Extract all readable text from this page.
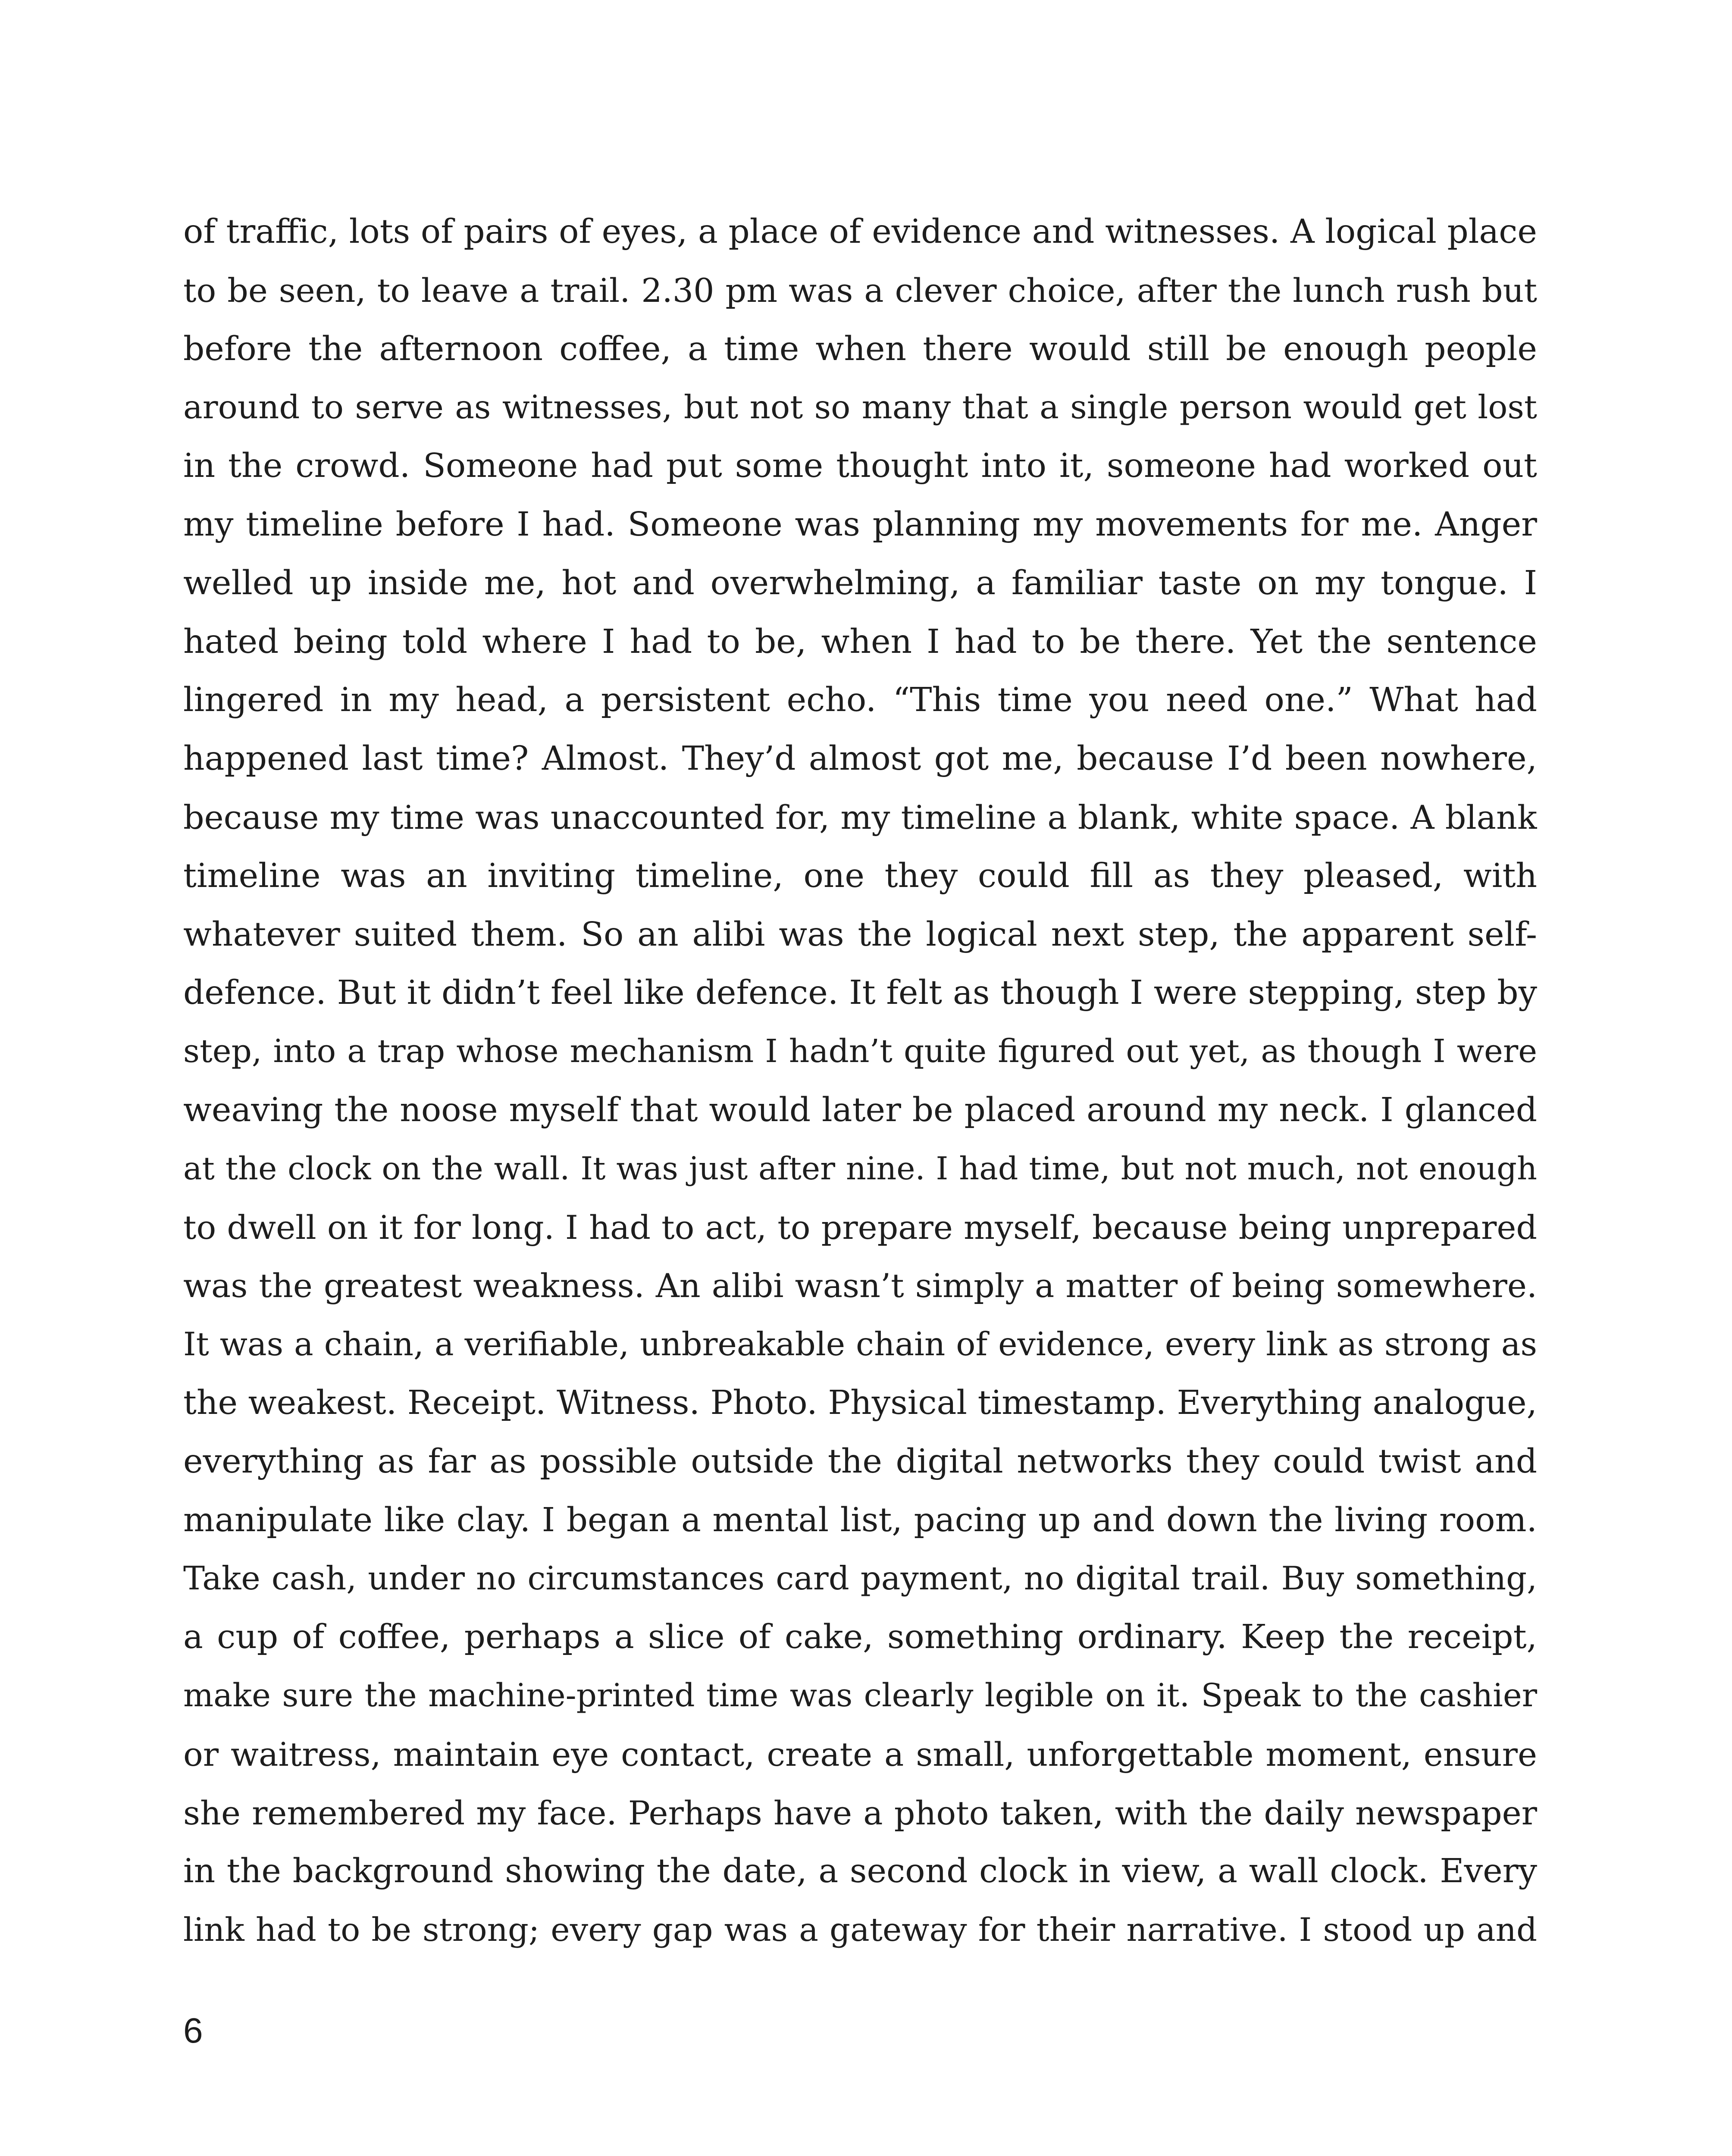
of traffic, lots of pairs of eyes, a place of evidence and witnesses. A logical place
to be seen, to leave a trail. 2.30 pm was a clever choice, after the lunch rush but
before the afternoon coffee, a time when there would still be enough people
around to serve as witnesses, but not so many that a single person would get lost
in the crowd. Someone had put some thought into it, someone had worked out
my timeline before I had. Someone was planning my movements for me. Anger
welled up inside me, hot and overwhelming, a familiar taste on my tongue. I
hated being told where I had to be, when I had to be there. Yet the sentence
lingered in my head, a persistent echo. “This time you need one.” What had
happened last time? Almost. They’d almost got me, because I’d been nowhere,
because my time was unaccounted for, my timeline a blank, white space. A blank
timeline was an inviting timeline, one they could fill as they pleased, with
whatever suited them. So an alibi was the logical next step, the apparent self-
defence. But it didn’t feel like defence. It felt as though I were stepping, step by
step, into a trap whose mechanism I hadn’t quite figured out yet, as though I were
weaving the noose myself that would later be placed around my neck. I glanced
at the clock on the wall. It was just after nine. I had time, but not much, not enough
to dwell on it for long. I had to act, to prepare myself, because being unprepared
was the greatest weakness. An alibi wasn’t simply a matter of being somewhere.
It was a chain, a verifiable, unbreakable chain of evidence, every link as strong as
the weakest. Receipt. Witness. Photo. Physical timestamp. Everything analogue,
everything as far as possible outside the digital networks they could twist and
manipulate like clay. I began a mental list, pacing up and down the living room.
Take cash, under no circumstances card payment, no digital trail. Buy something,
a cup of coffee, perhaps a slice of cake, something ordinary. Keep the receipt,
make sure the machine-printed time was clearly legible on it. Speak to the cashier
or waitress, maintain eye contact, create a small, unforgettable moment, ensure
she remembered my face. Perhaps have a photo taken, with the daily newspaper
in the background showing the date, a second clock in view, a wall clock. Every
link had to be strong; every gap was a gateway for their narrative. I stood up and
6
